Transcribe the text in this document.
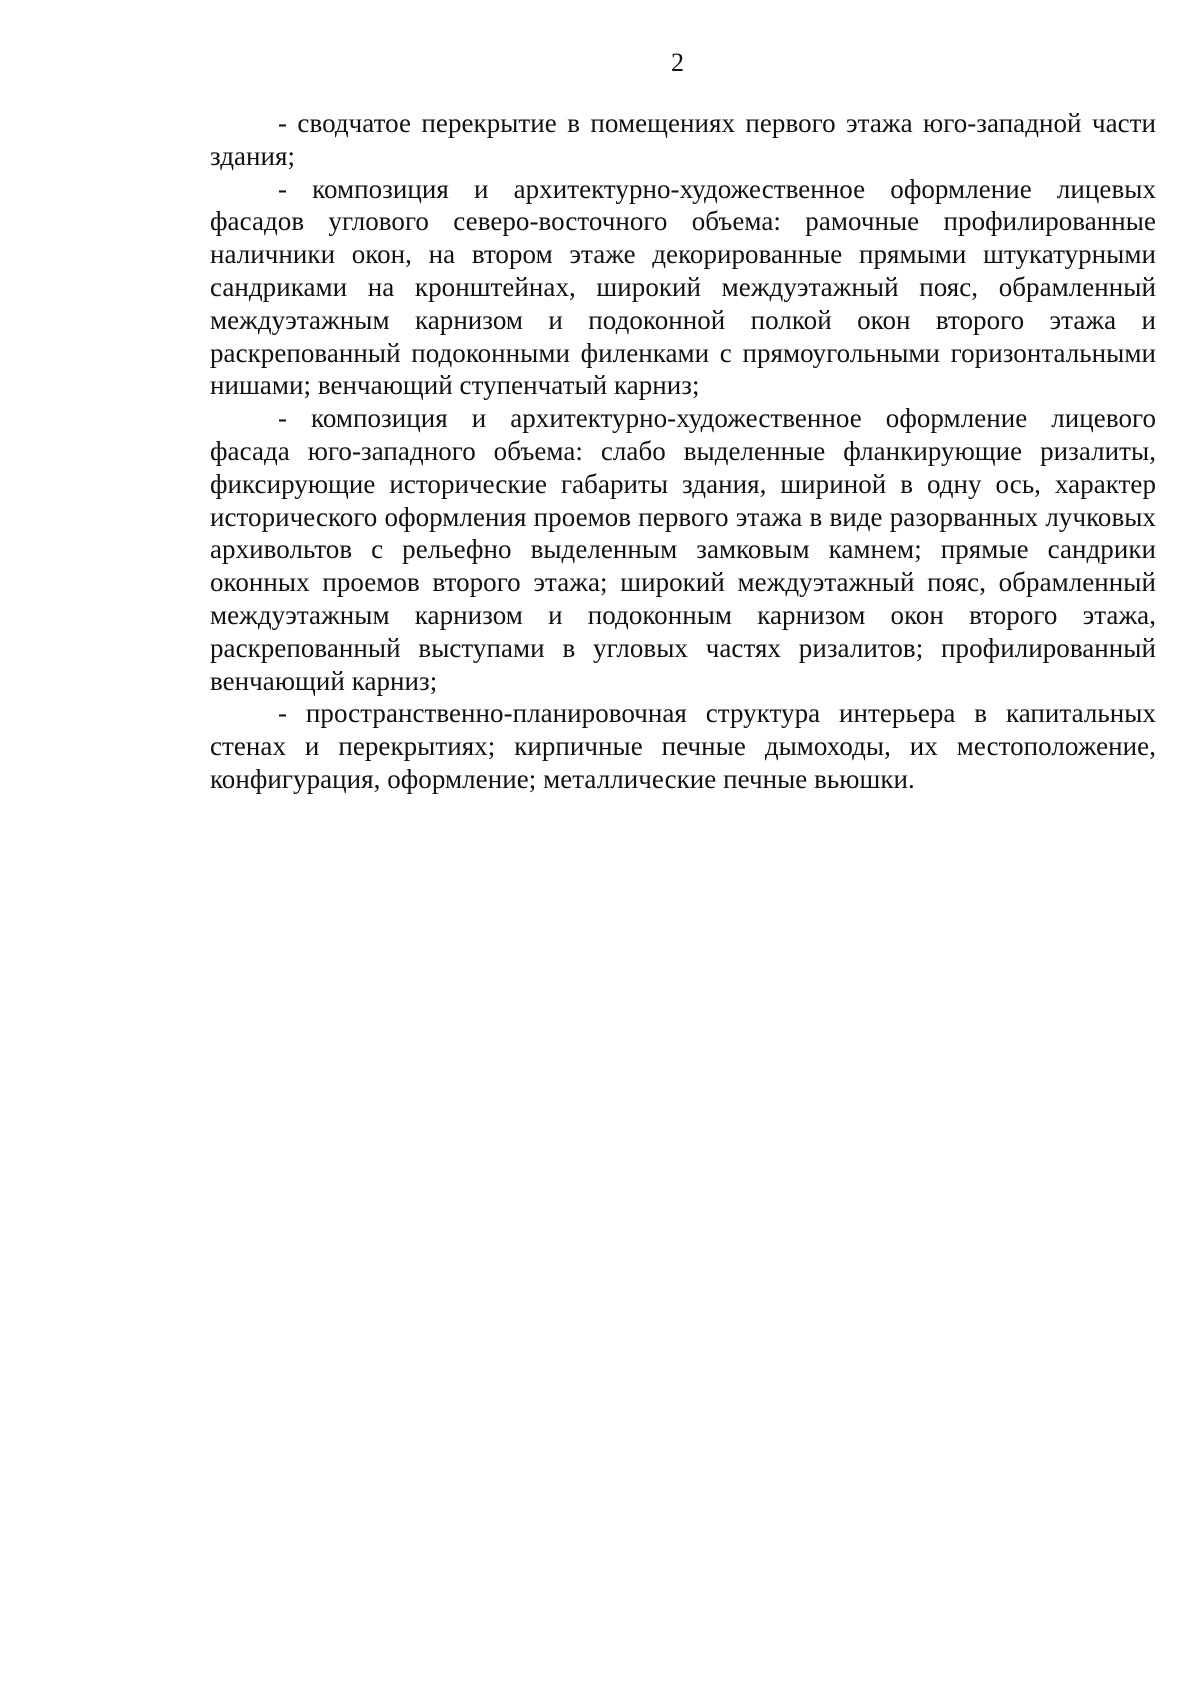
2

- сводчатое перекрытие в помещениях первого этажа юго-западной части здания;

- композиция и архитектурно-художественное оформление лицевых фасадов углового северо-восточного объема: рамочные профилированные наличники окон, на втором этаже декорированные прямыми штукатурными сандриками на кронштейнах, широкий междуэтажный пояс, обрамленный междуэтажным карнизом и подоконной полкой окон второго этажа и раскрепованный подоконными филенками с прямоугольными горизонтальными нишами; венчающий ступенчатый карниз;

- композиция и архитектурно-художественное оформление лицевого фасада юго-западного объема: слабо выделенные фланкирующие ризалиты, фиксирующие исторические габариты здания, шириной в одну ось, характер исторического оформления проемов первого этажа в виде разорванных лучковых архивольтов с рельефно выделенным замковым камнем; прямые сандрики оконных проемов второго этажа; широкий междуэтажный пояс, обрамленный междуэтажным карнизом и подоконным карнизом окон второго этажа, раскрепованный выступами в угловых частях ризалитов; профилированный венчающий карниз;

- пространственно-планировочная структура интерьера в капитальных стенах и перекрытиях; кирпичные печные дымоходы, их местоположение, конфигурация, оформление; металлические печные вьюшки.
